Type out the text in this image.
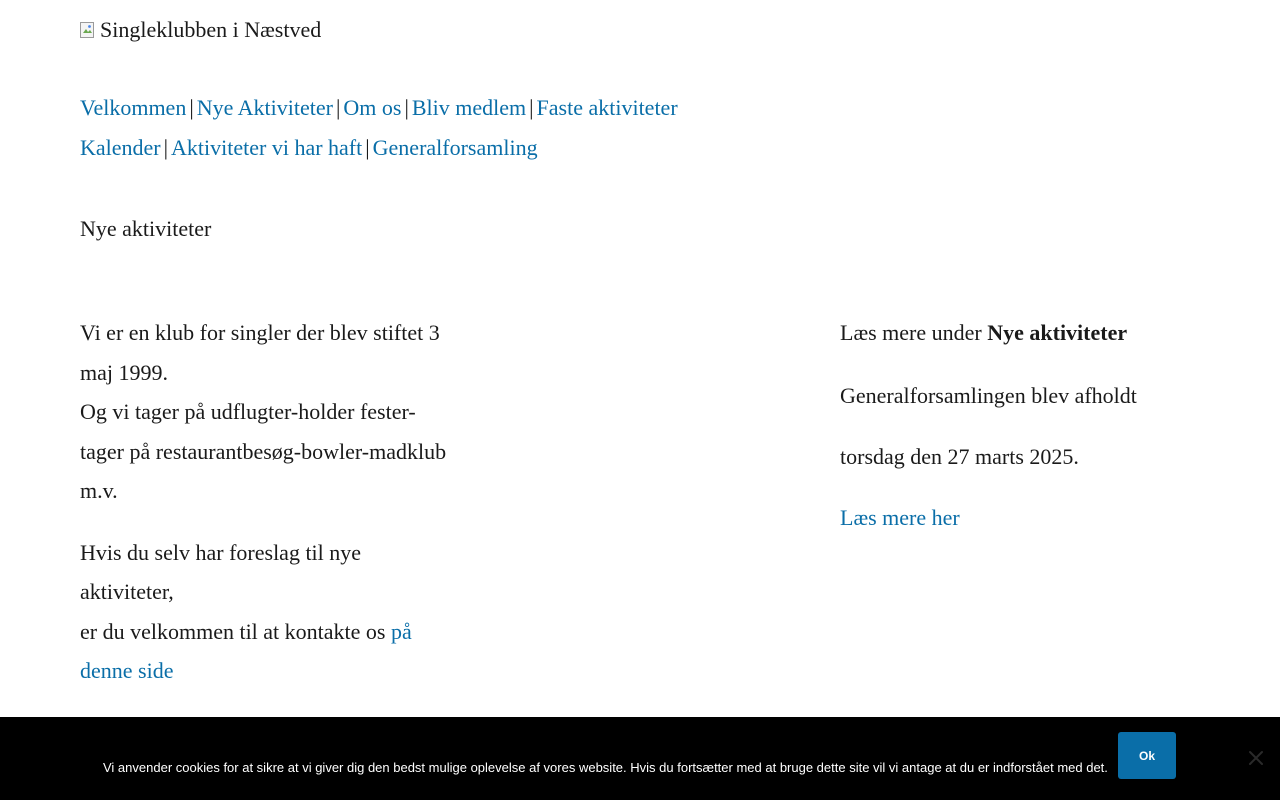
Singleklubben i Næstved
Velkommen | Nye Aktiviteter | Om os | Bliv medlem | Faste aktiviteter
Kalender | Aktiviteter vi har haft | Generalforsamling
Nye aktiviteter

Vi er en klub for singler der blev stiftet 3 maj 1999.
Og vi tager på udflugter-holder fester-tager på restaurantbesøg-bowler-madklub m.v.

Hvis du selv har foreslag til nye aktiviteter,
er du velkommen til at kontakte os på denne side

Læs mere under Nye aktiviteter

Generalforsamlingen blev afholdt
torsdag den 27 marts 2025.
Læs mere her

Vi anvender cookies for at sikre at vi giver dig den bedst mulige oplevelse af vores website. Hvis du fortsætter med at bruge dette site vil vi antage at du er indforstået med det.
Ok
